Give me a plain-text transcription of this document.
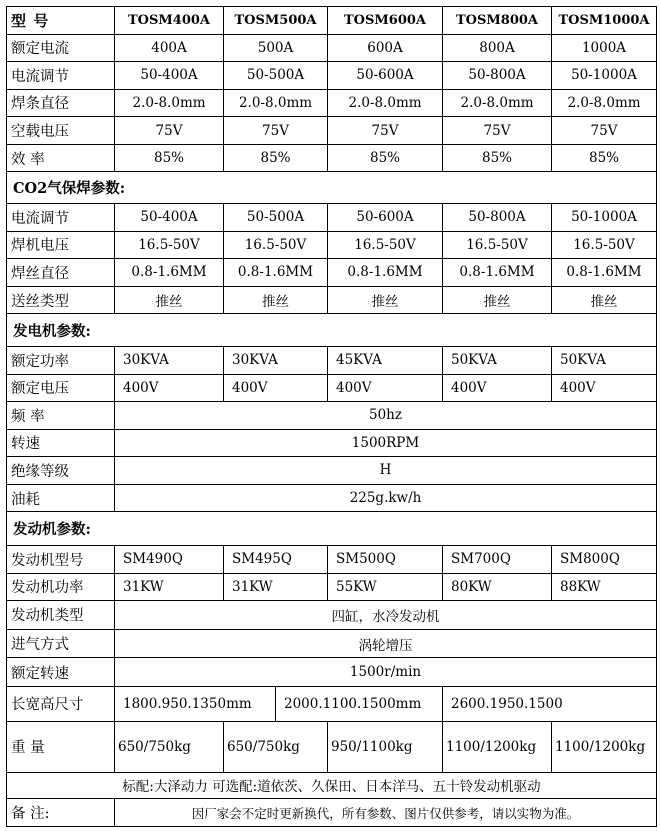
型 号	TOSM400A	TOSM500A		TOSM600A	TOSM800A	TOSM1000A
额定电流	400A	500A		600A	800A	1000A
电流调节	50-400A	50-500A		50-600A	50-800A	50-1000A
焊条直径	2.0-8.0mm	2.0-8.0mm		2.0-8.0mm	2.0-8.0mm	2.0-8.0mm
空载电压	75V	75V		75V	75V	75V
效 率	85%	85%		85%	85%	85%
CO2气保焊参数:						
电流调节	50-400A	50-500A		50-600A	50-800A	50-1000A
焊机电压	16.5-50V	16.5-50V		16.5-50V	16.5-50V	16.5-50V
焊丝直径	0.8-1.6MM	0.8-1.6MM		0.8-1.6MM	0.8-1.6MM	0.8-1.6MM
送丝类型	推丝	推丝		推丝	推丝	推丝
发电机参数:						
额定功率	30KVA	30KVA		45KVA	50KVA	50KVA
额定电压	400V	400V		400V	400V	400V
频 率	50hz					
转速	1500RPM					
绝缘等级	H					
油耗	225g.kw/h					
发动机参数:						
发动机型号	SM490Q	SM495Q		SM500Q	SM700Q	SM800Q
发动机功率	31KW	31KW		55KW	80KW	88KW
发动机类型	四缸，水冷发动机					
进气方式	涡轮增压					
额定转速	1500r/min					
长宽高尺寸	1800.950.1350mm		2000.1100.1500mm		2600.1950.1500	
重 量	650/750kg	650/750kg		950/1100kg	1100/1200kg	1100/1200kg
标配:大泽动力 可选配:道依茨、久保田、日本洋马、五十铃发动机驱动						
备 注:	因厂家会不定时更新换代，所有参数、图片仅供参考，请以实物为准。					
